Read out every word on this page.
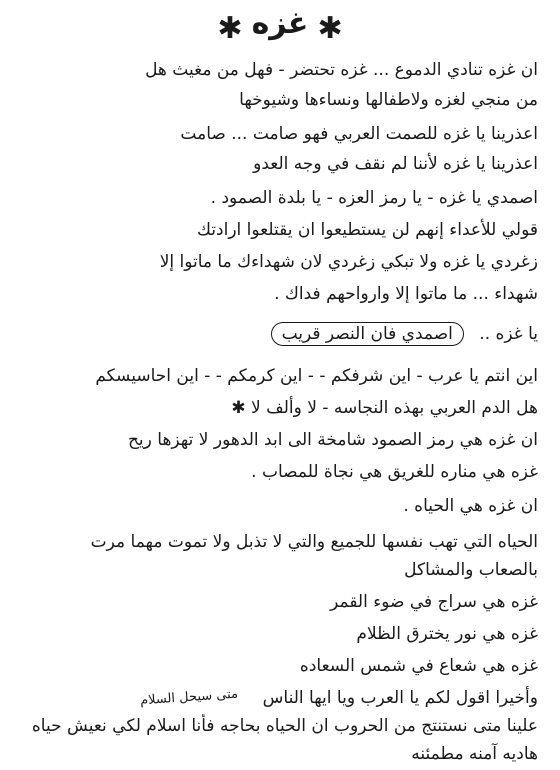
✱ غزه ✱
ان غزه تنادي الدموع ... غزه تحتضر - فهل من مغيث هل
من منجي لغزه ولاطفالها ونساءها وشيوخها
اعذرينا يا غزه للصمت العربي فهو صامت ... صامت
اعذرينا يا غزه لأننا لم نقف في وجه العدو
اصمدي يا غزه - يا رمز العزه - يا بلدة الصمود .
قولي للأعداء إنهم لن يستطيعوا ان يقتلعوا ارادتك
زغردي يا غزه ولا تبكي زغردي لان شهداءك ما ماتوا إلا
شهداء ... ما ماتوا إلا وارواحهم فداك .
يا غزه .. اصمدي فان النصر قريب
اين انتم يا عرب - اين شرفكم - - اين كرمكم - - اين احاسيسكم
هل الدم العربي بهذه النجاسه - لا وألف لا ✱
ان غزه هي رمز الصمود شامخة الى ابد الدهور لا تهزها ريح
غزه هي مناره للغريق هي نجاة للمصاب .
ان غزه هي الحياه .
الحياه التي تهب نفسها للجميع والتي لا تذبل ولا تموت مهما مرت
بالصعاب والمشاكل
غزه هي سراج في ضوء القمر
غزه هي نور يخترق الظلام
غزه هي شعاع في شمس السعاده
وأخيرا اقول لكم يا العرب ويا ايها الناس
علينا متى نستنتج من الحروب ان الحياه بحاجه فأنا اسلام لكي نعيش حياه
هاديه آمنه مطمئنه
متى سيحل السلام
